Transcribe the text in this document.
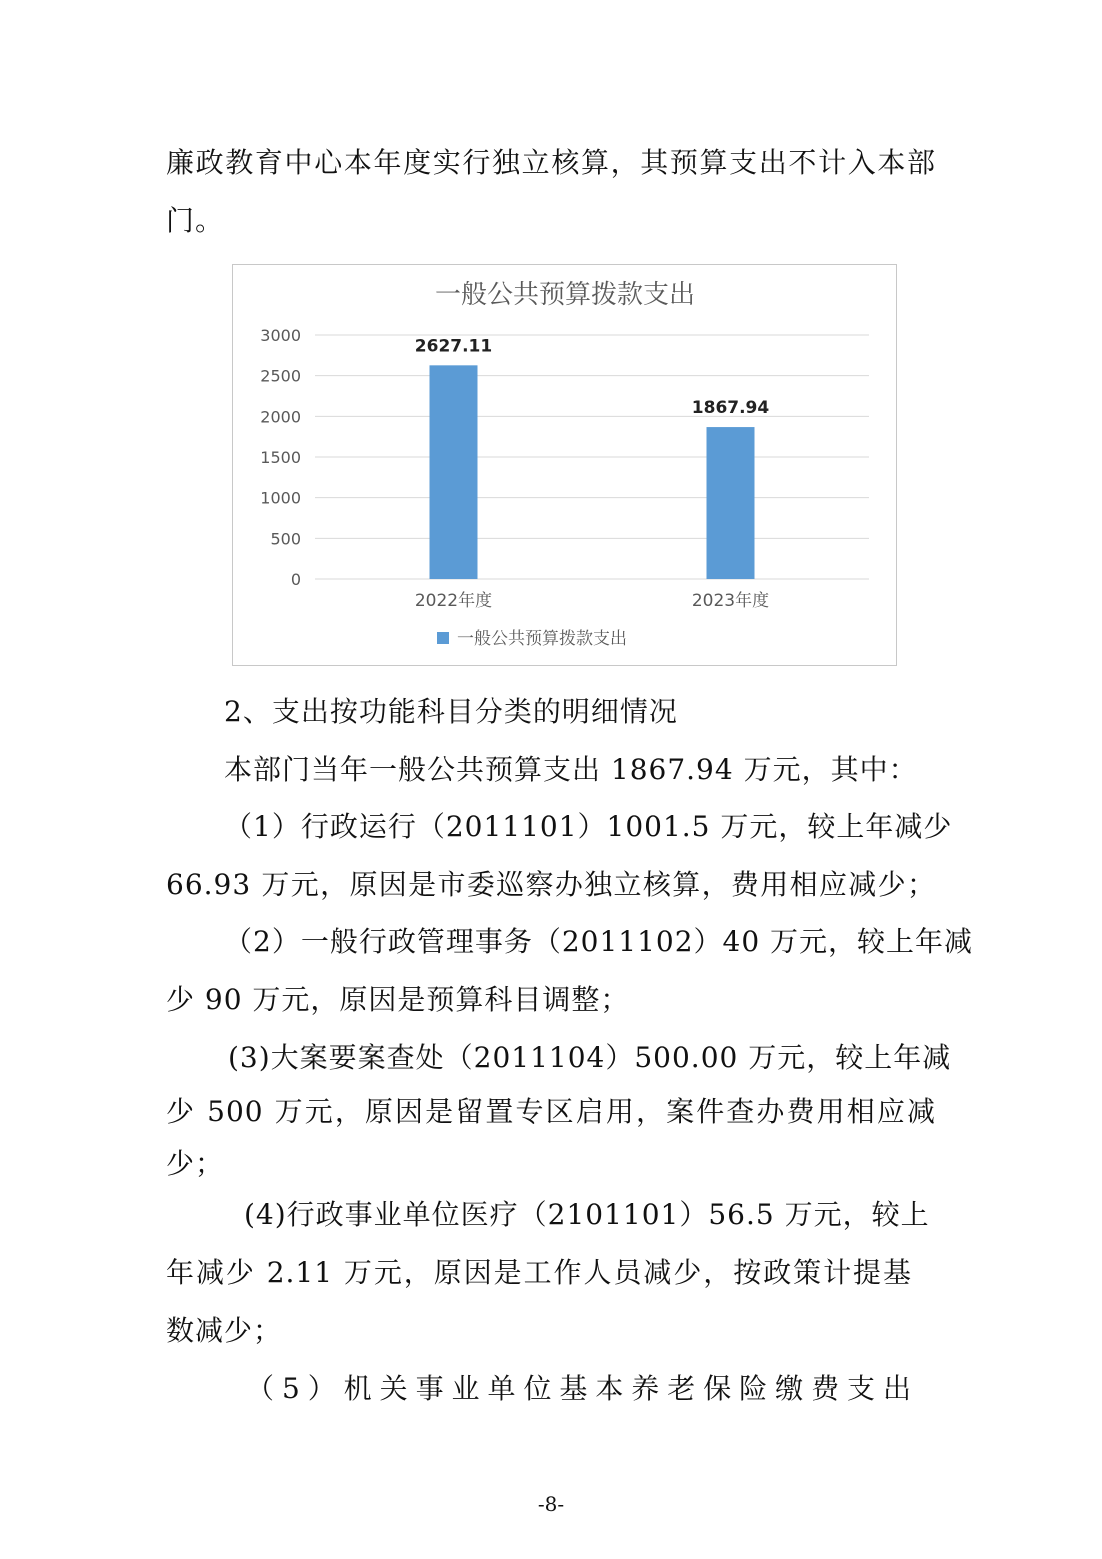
廉政教育中心本年度实行独立核算，其预算支出不计入本部
门。
一般公共预算拨款支出
0
500
1000
1500
2000
2500
3000
2627.11
1867.94
2022年度	2023年度
一般公共预算拨款支出
2、支出按功能科目分类的明细情况
本部门当年一般公共预算支出 1867.94 万元，其中：
（1）行政运行（2011101）1001.5 万元，较上年减少
66.93 万元，原因是市委巡察办独立核算，费用相应减少；
（2）一般行政管理事务（2011102）40 万元，较上年减
少 90 万元，原因是预算科目调整；
(3)大案要案查处（2011104）500.00 万元，较上年减
少 500 万元，原因是留置专区启用，案件查办费用相应减
少；
(4)行政事业单位医疗（2101101）56.5 万元，较上
年减少 2.11 万元，原因是工作人员减少，按政策计提基
数减少；
（5）机关事业单位基本养老保险缴费支出
-8-
